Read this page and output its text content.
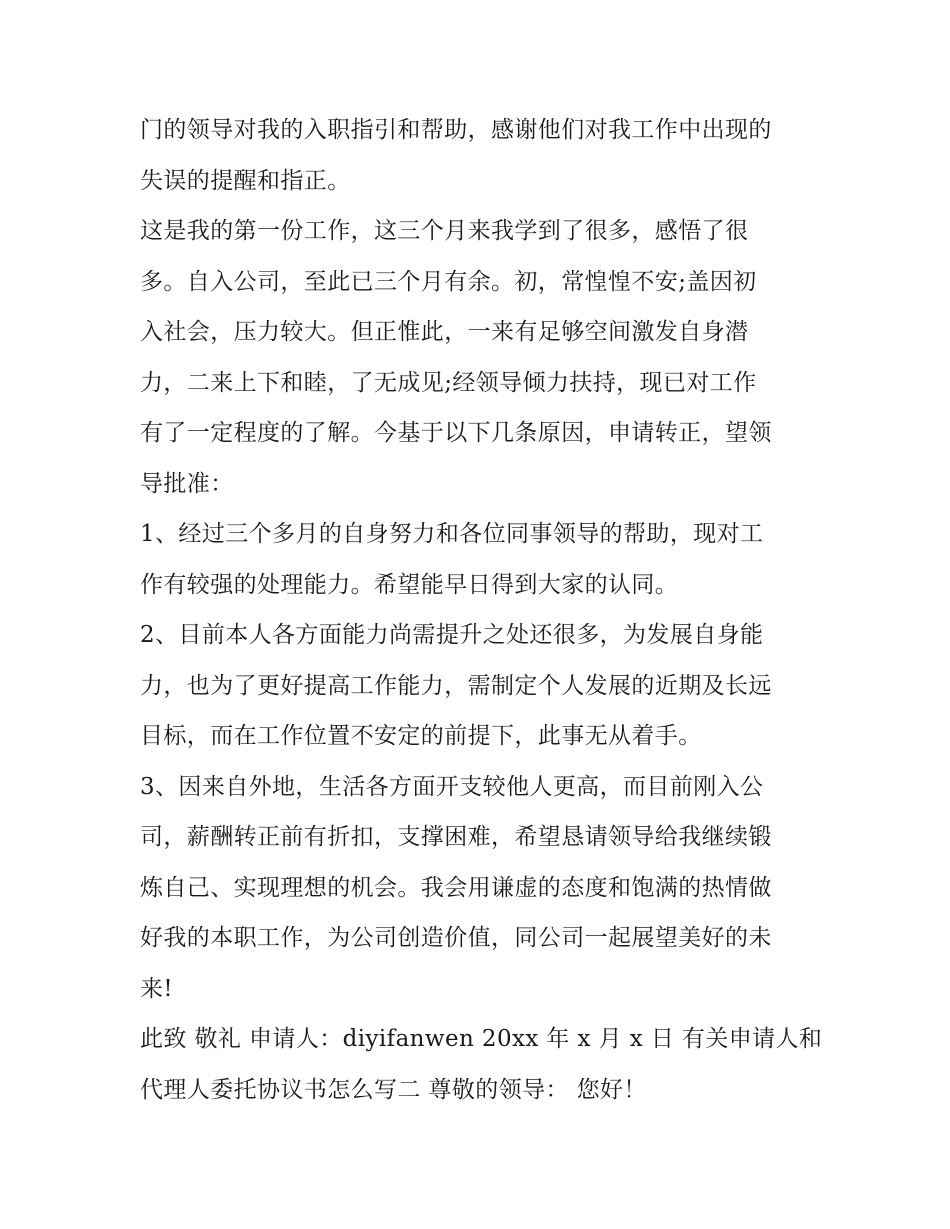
门的领导对我的入职指引和帮助，感谢他们对我工作中出现的
失误的提醒和指正。
这是我的第一份工作，这三个月来我学到了很多，感悟了很
多。自入公司，至此已三个月有余。初，常惶惶不安;盖因初
入社会，压力较大。但正惟此，一来有足够空间激发自身潜
力，二来上下和睦，了无成见;经领导倾力扶持，现已对工作
有了一定程度的了解。今基于以下几条原因，申请转正，望领
导批准：
1、经过三个多月的自身努力和各位同事领导的帮助，现对工
作有较强的处理能力。希望能早日得到大家的认同。
2、目前本人各方面能力尚需提升之处还很多，为发展自身能
力，也为了更好提高工作能力，需制定个人发展的近期及长远
目标，而在工作位置不安定的前提下，此事无从着手。
3、因来自外地，生活各方面开支较他人更高，而目前刚入公
司，薪酬转正前有折扣，支撑困难，希望恳请领导给我继续锻
炼自己、实现理想的机会。我会用谦虚的态度和饱满的热情做
好我的本职工作，为公司创造价值，同公司一起展望美好的未
来!
此致 敬礼 申请人：diyifanwen 20xx 年 x 月 x 日 有关申请人和
代理人委托协议书怎么写二 尊敬的领导： 您好！
